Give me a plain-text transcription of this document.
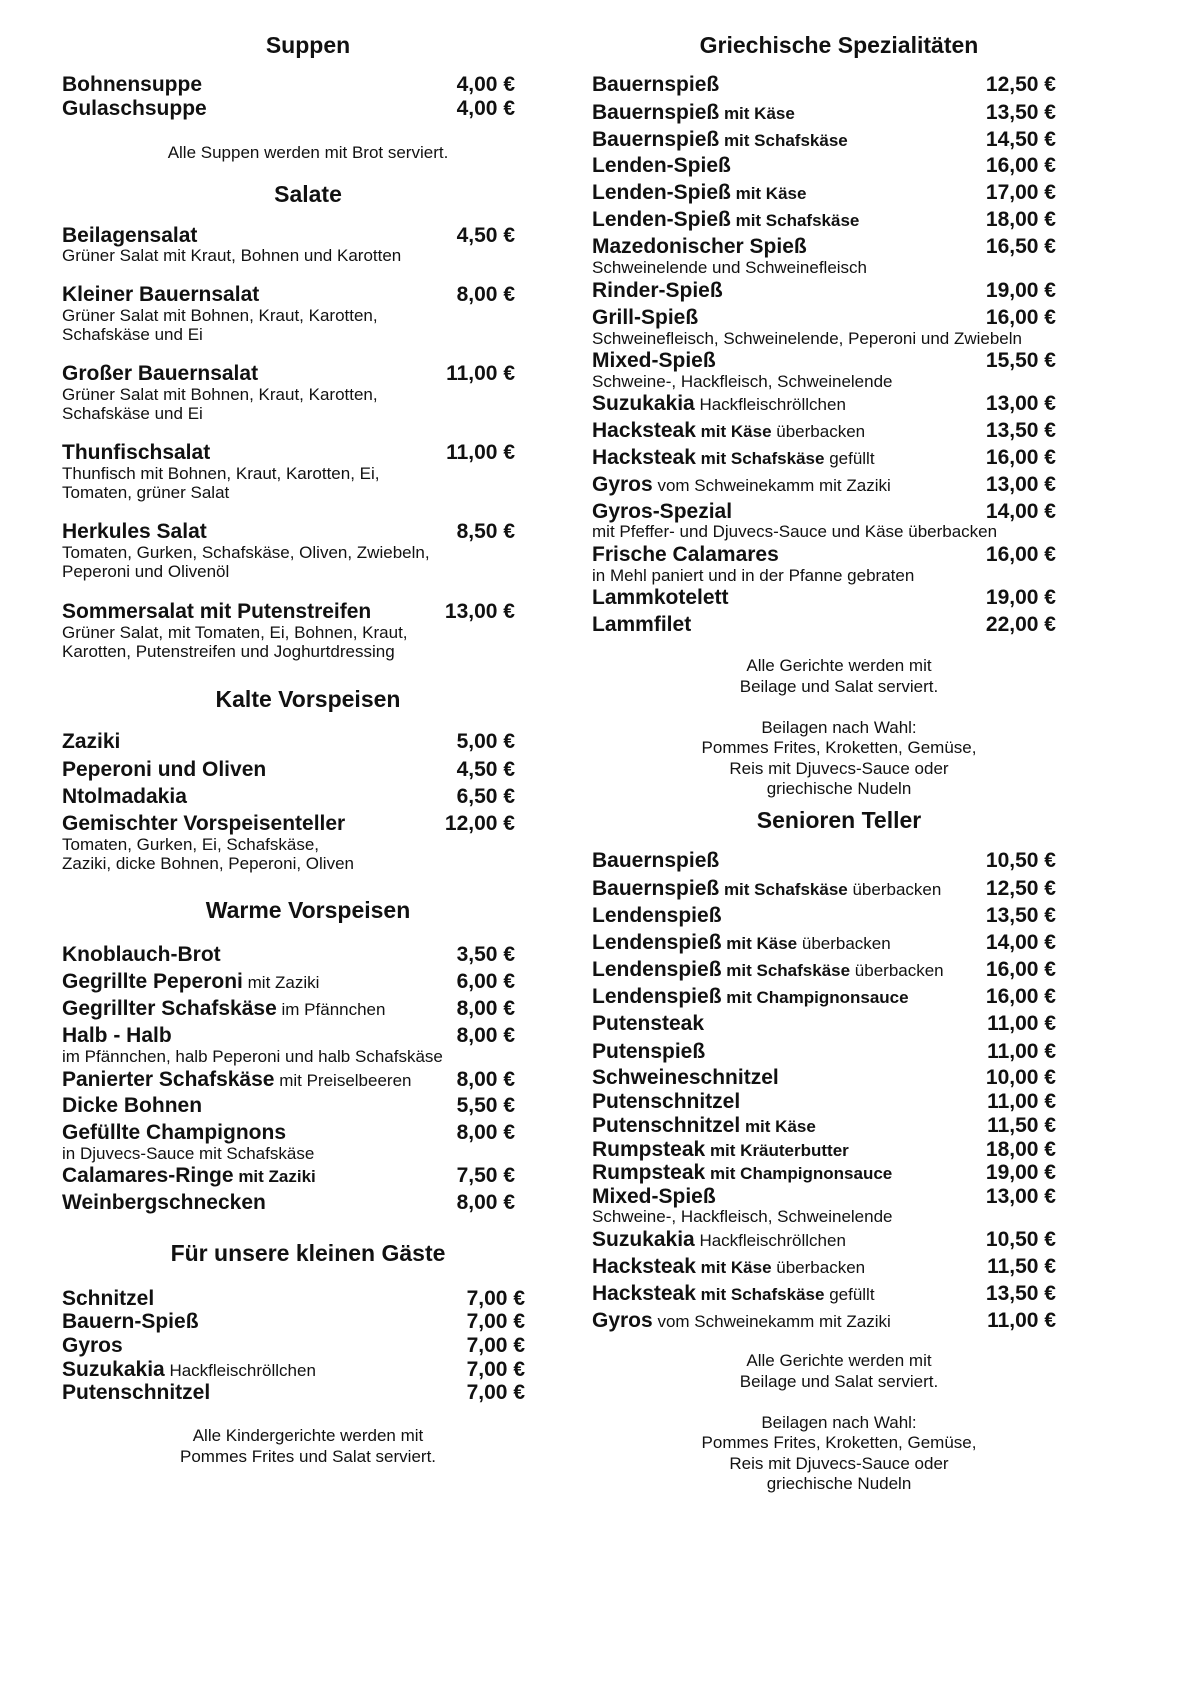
Suppen
Bohnensuppe	4,00 €
Gulaschsuppe	4,00 €
Alle Suppen werden mit Brot serviert.
Salate
Beilagensalat	4,50 €
Grüner Salat mit Kraut, Bohnen und Karotten
Kleiner Bauernsalat	8,00 €
Grüner Salat mit Bohnen, Kraut, Karotten,
Schafskäse und Ei
Großer Bauernsalat	11,00 €
Grüner Salat mit Bohnen, Kraut, Karotten,
Schafskäse und Ei
Thunfischsalat	11,00 €
Thunfisch mit Bohnen, Kraut, Karotten, Ei,
Tomaten, grüner Salat
Herkules Salat	8,50 €
Tomaten, Gurken, Schafskäse, Oliven, Zwiebeln,
Peperoni und Olivenöl
Sommersalat mit Putenstreifen	13,00 €
Grüner Salat, mit Tomaten, Ei, Bohnen, Kraut,
Karotten, Putenstreifen und Joghurtdressing
Kalte Vorspeisen
Zaziki	5,00 €
Peperoni und Oliven	4,50 €
Ntolmadakia	6,50 €
Gemischter Vorspeisenteller	12,00 €
Tomaten, Gurken, Ei, Schafskäse,
Zaziki, dicke Bohnen, Peperoni, Oliven
Warme Vorspeisen
Knoblauch-Brot	3,50 €
Gegrillte Peperoni mit Zaziki	6,00 €
Gegrillter Schafskäse im Pfännchen	8,00 €
Halb - Halb	8,00 €
im Pfännchen, halb Peperoni und halb Schafskäse
Panierter Schafskäse mit Preiselbeeren	8,00 €
Dicke Bohnen	5,50 €
Gefüllte Champignons	8,00 €
in Djuvecs-Sauce mit Schafskäse
Calamares-Ringe mit Zaziki	7,50 €
Weinbergschnecken	8,00 €
Für unsere kleinen Gäste
Schnitzel	7,00 €
Bauern-Spieß	7,00 €
Gyros	7,00 €
Suzukakia Hackfleischröllchen	7,00 €
Putenschnitzel	7,00 €
Alle Kindergerichte werden mit
Pommes Frites und Salat serviert.
Griechische Spezialitäten
Bauernspieß	12,50 €
Bauernspieß mit Käse	13,50 €
Bauernspieß mit Schafskäse	14,50 €
Lenden-Spieß	16,00 €
Lenden-Spieß mit Käse	17,00 €
Lenden-Spieß mit Schafskäse	18,00 €
Mazedonischer Spieß	16,50 €
Schweinelende und Schweinefleisch
Rinder-Spieß	19,00 €
Grill-Spieß	16,00 €
Schweinefleisch, Schweinelende, Peperoni und Zwiebeln
Mixed-Spieß	15,50 €
Schweine-, Hackfleisch, Schweinelende
Suzukakia Hackfleischröllchen	13,00 €
Hacksteak mit Käse überbacken	13,50 €
Hacksteak mit Schafskäse gefüllt	16,00 €
Gyros vom Schweinekamm mit Zaziki	13,00 €
Gyros-Spezial	14,00 €
mit Pfeffer- und Djuvecs-Sauce und Käse überbacken
Frische Calamares	16,00 €
in Mehl paniert und in der Pfanne gebraten
Lammkotelett	19,00 €
Lammfilet	22,00 €
Alle Gerichte werden mit
Beilage und Salat serviert.
Beilagen nach Wahl:
Pommes Frites, Kroketten, Gemüse,
Reis mit Djuvecs-Sauce oder
griechische Nudeln
Senioren Teller
Bauernspieß	10,50 €
Bauernspieß mit Schafskäse überbacken	12,50 €
Lendenspieß	13,50 €
Lendenspieß mit Käse überbacken	14,00 €
Lendenspieß mit Schafskäse überbacken	16,00 €
Lendenspieß mit Champignonsauce	16,00 €
Putensteak	11,00 €
Putenspieß	11,00 €
Schweineschnitzel	10,00 €
Putenschnitzel	11,00 €
Putenschnitzel mit Käse	11,50 €
Rumpsteak mit Kräuterbutter	18,00 €
Rumpsteak mit Champignonsauce	19,00 €
Mixed-Spieß	13,00 €
Schweine-, Hackfleisch, Schweinelende
Suzukakia Hackfleischröllchen	10,50 €
Hacksteak mit Käse überbacken	11,50 €
Hacksteak mit Schafskäse gefüllt	13,50 €
Gyros vom Schweinekamm mit Zaziki	11,00 €
Alle Gerichte werden mit
Beilage und Salat serviert.
Beilagen nach Wahl:
Pommes Frites, Kroketten, Gemüse,
Reis mit Djuvecs-Sauce oder
griechische Nudeln
